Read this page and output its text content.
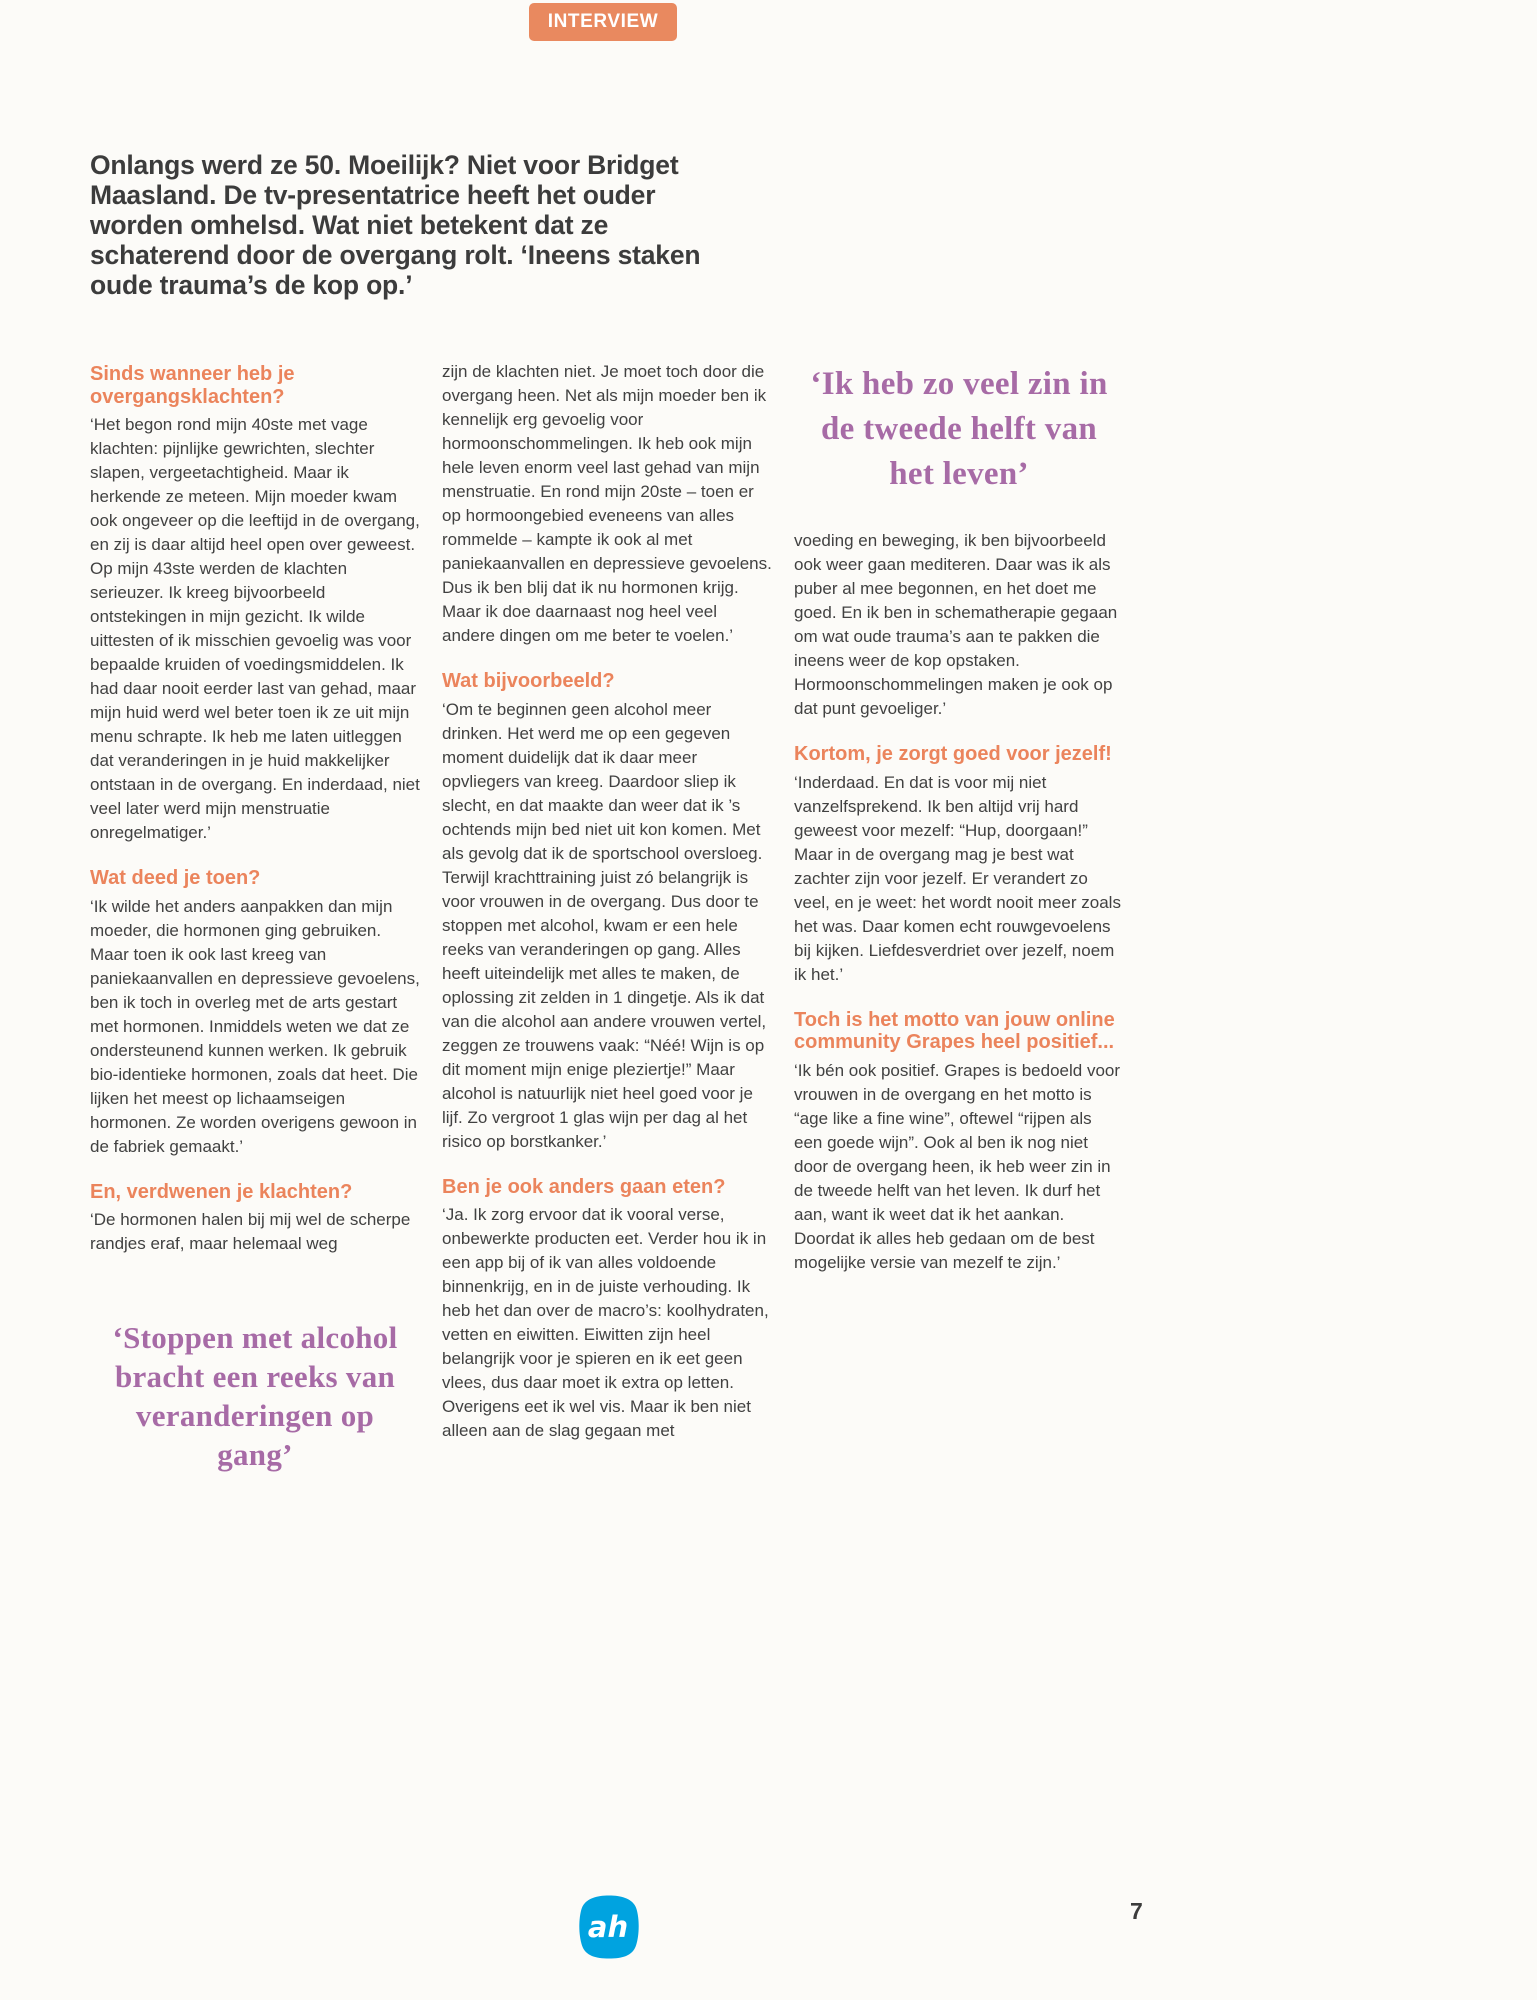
INTERVIEW
Onlangs werd ze 50. Moeilijk? Niet voor Bridget Maasland. De tv-presentatrice heeft het ouder worden omhelsd. Wat niet betekent dat ze schaterend door de overgang rolt. ‘Ineens staken oude trauma’s de kop op.’
Sinds wanneer heb je overgangsklachten?

‘Het begon rond mijn 40ste met vage klachten: pijnlijke gewrichten, slechter slapen, vergeetachtigheid. Maar ik herkende ze meteen. Mijn moeder kwam ook ongeveer op die leeftijd in de overgang, en zij is daar altijd heel open over geweest. Op mijn 43ste werden de klachten serieuzer. Ik kreeg bijvoorbeeld ontstekingen in mijn gezicht. Ik wilde uittesten of ik misschien gevoelig was voor bepaalde kruiden of voedingsmiddelen. Ik had daar nooit eerder last van gehad, maar mijn huid werd wel beter toen ik ze uit mijn menu schrapte. Ik heb me laten uitleggen dat veranderingen in je huid makkelijker ontstaan in de overgang. En inderdaad, niet veel later werd mijn menstruatie onregelmatiger.’

Wat deed je toen?

‘Ik wilde het anders aanpakken dan mijn moeder, die hormonen ging gebruiken. Maar toen ik ook last kreeg van paniekaanvallen en depressieve gevoelens, ben ik toch in overleg met de arts gestart met hormonen. Inmiddels weten we dat ze ondersteunend kunnen werken. Ik gebruik bio-identieke hormonen, zoals dat heet. Die lijken het meest op lichaamseigen hormonen. Ze worden overigens gewoon in de fabriek gemaakt.’

En, verdwenen je klachten?

‘De hormonen halen bij mij wel de scherpe randjes eraf, maar helemaal weg

‘Stoppen met alcohol bracht een reeks van veranderingen op gang’

zijn de klachten niet. Je moet toch door die overgang heen. Net als mijn moeder ben ik kennelijk erg gevoelig voor hormoonschommelingen. Ik heb ook mijn hele leven enorm veel last gehad van mijn menstruatie. En rond mijn 20ste – toen er op hormoongebied eveneens van alles rommelde – kampte ik ook al met paniekaanvallen en depressieve gevoelens. Dus ik ben blij dat ik nu hormonen krijg. Maar ik doe daarnaast nog heel veel andere dingen om me beter te voelen.’

Wat bijvoorbeeld?

‘Om te beginnen geen alcohol meer drinken. Het werd me op een gegeven moment duidelijk dat ik daar meer opvliegers van kreeg. Daardoor sliep ik slecht, en dat maakte dan weer dat ik ’s ochtends mijn bed niet uit kon komen. Met als gevolg dat ik de sportschool oversloeg. Terwijl krachttraining juist zó belangrijk is voor vrouwen in de overgang. Dus door te stoppen met alcohol, kwam er een hele reeks van veranderingen op gang. Alles heeft uiteindelijk met alles te maken, de oplossing zit zelden in 1 dingetje. Als ik dat van die alcohol aan andere vrouwen vertel, zeggen ze trouwens vaak: “Néé! Wijn is op dit moment mijn enige pleziertje!” Maar alcohol is natuurlijk niet heel goed voor je lijf. Zo vergroot 1 glas wijn per dag al het risico op borstkanker.’

Ben je ook anders gaan eten?

‘Ja. Ik zorg ervoor dat ik vooral verse, onbewerkte producten eet. Verder hou ik in een app bij of ik van alles voldoende binnenkrijg, en in de juiste verhouding. Ik heb het dan over de macro’s: koolhydraten, vetten en eiwitten. Eiwitten zijn heel belangrijk voor je spieren en ik eet geen vlees, dus daar moet ik extra op letten. Overigens eet ik wel vis. Maar ik ben niet alleen aan de slag gegaan met

‘Ik heb zo veel zin in de tweede helft van het leven’

voeding en beweging, ik ben bijvoorbeeld ook weer gaan mediteren. Daar was ik als puber al mee begonnen, en het doet me goed. En ik ben in schematherapie gegaan om wat oude trauma’s aan te pakken die ineens weer de kop opstaken. Hormoonschommelingen maken je ook op dat punt gevoeliger.’

Kortom, je zorgt goed voor jezelf!

‘Inderdaad. En dat is voor mij niet vanzelfsprekend. Ik ben altijd vrij hard geweest voor mezelf: “Hup, doorgaan!” Maar in de overgang mag je best wat zachter zijn voor jezelf. Er verandert zo veel, en je weet: het wordt nooit meer zoals het was. Daar komen echt rouwgevoelens bij kijken. Liefdesverdriet over jezelf, noem ik het.’

Toch is het motto van jouw online community Grapes heel positief...

‘Ik bén ook positief. Grapes is bedoeld voor vrouwen in de overgang en het motto is “age like a fine wine”, oftewel “rijpen als een goede wijn”. Ook al ben ik nog niet door de overgang heen, ik heb weer zin in de tweede helft van het leven. Ik durf het aan, want ik weet dat ik het aankan. Doordat ik alles heb gedaan om de best mogelijke versie van mezelf te zijn.’

ah	7
